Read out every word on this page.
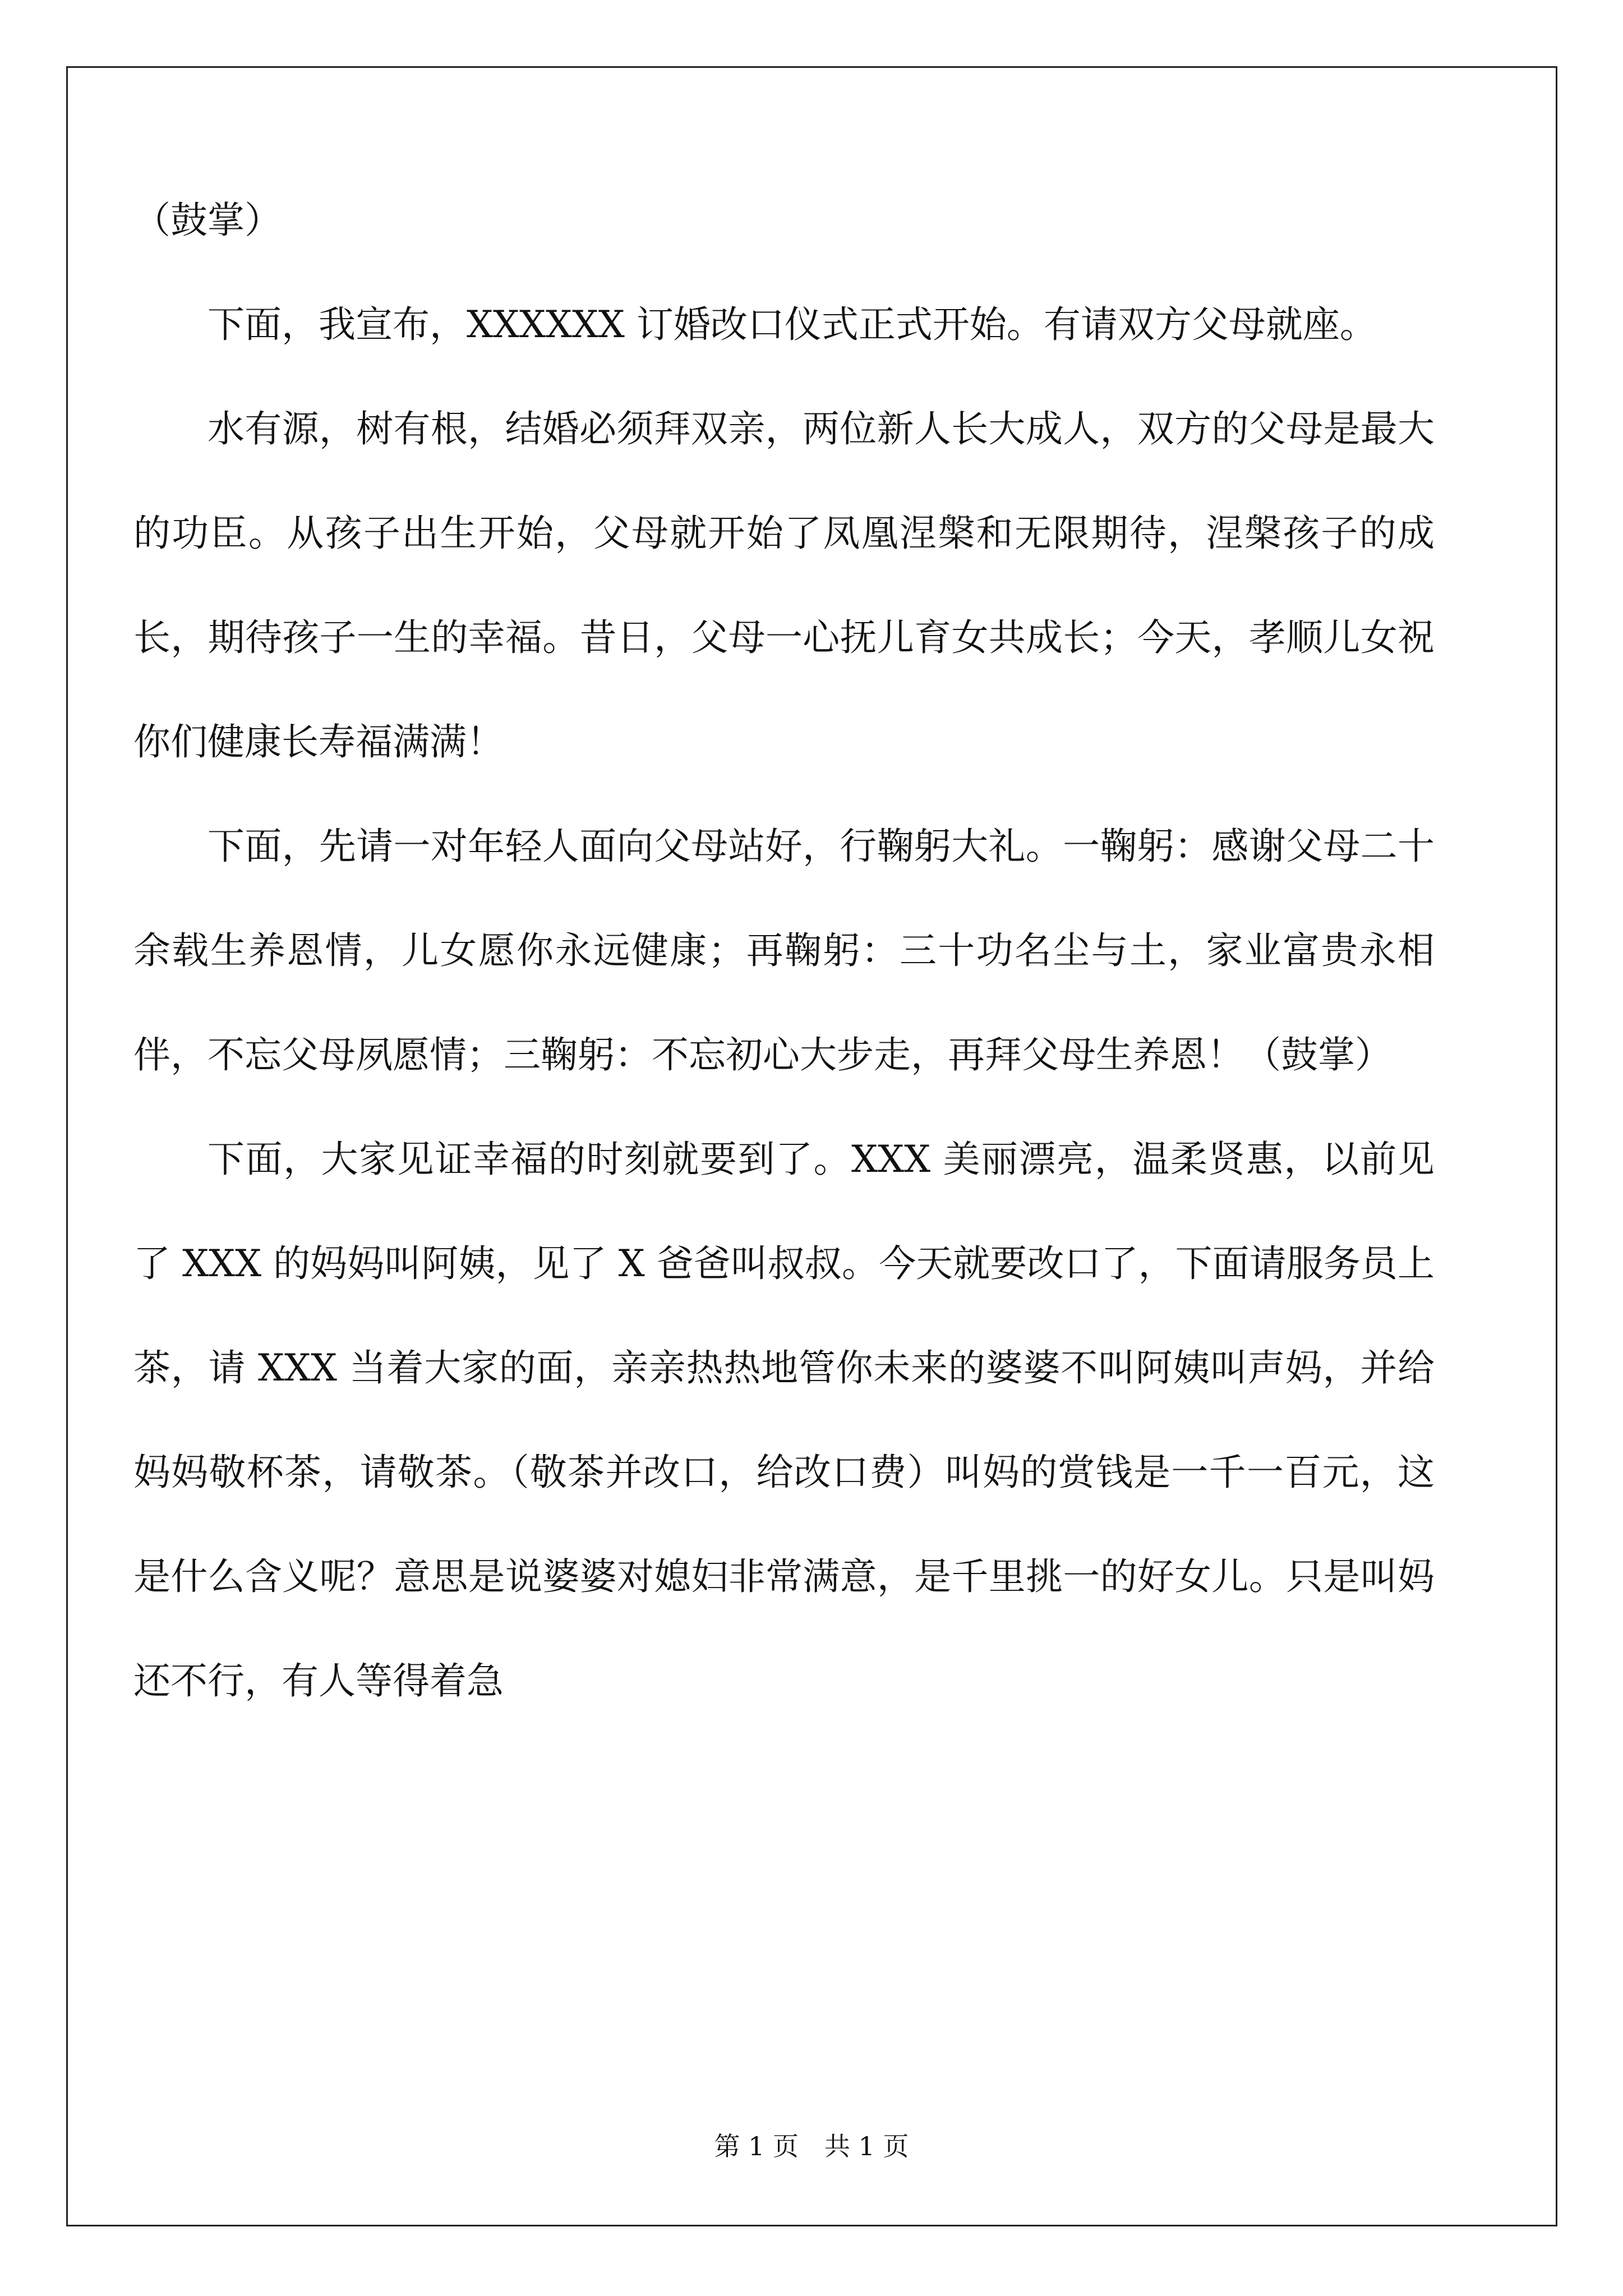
（鼓掌）

下面，我宣布，XXXXXX 订婚改口仪式正式开始。有请双方父母就座。

水有源，树有根，结婚必须拜双亲，两位新人长大成人，双方的父母是最大的功臣。从孩子出生开始，父母就开始了凤凰涅槃和无限期待，涅槃孩子的成长，期待孩子一生的幸福。昔日，父母一心抚儿育女共成长；今天，孝顺儿女祝你们健康长寿福满满！

下面，先请一对年轻人面向父母站好，行鞠躬大礼。一鞠躬：感谢父母二十余载生养恩情，儿女愿你永远健康；再鞠躬：三十功名尘与土，家业富贵永相伴，不忘父母夙愿情；三鞠躬：不忘初心大步走，再拜父母生养恩！（鼓掌）

下面，大家见证幸福的时刻就要到了。XXX 美丽漂亮，温柔贤惠，以前见了 XXX 的妈妈叫阿姨，见了 X 爸爸叫叔叔。今天就要改口了，下面请服务员上茶，请 XXX 当着大家的面，亲亲热热地管你未来的婆婆不叫阿姨叫声妈，并给妈妈敬杯茶，请敬茶。（敬茶并改口，给改口费）叫妈的赏钱是一千一百元，这是什么含义呢？意思是说婆婆对媳妇非常满意，是千里挑一的好女儿。只是叫妈还不行，有人等得着急

第 1 页　共 1 页
